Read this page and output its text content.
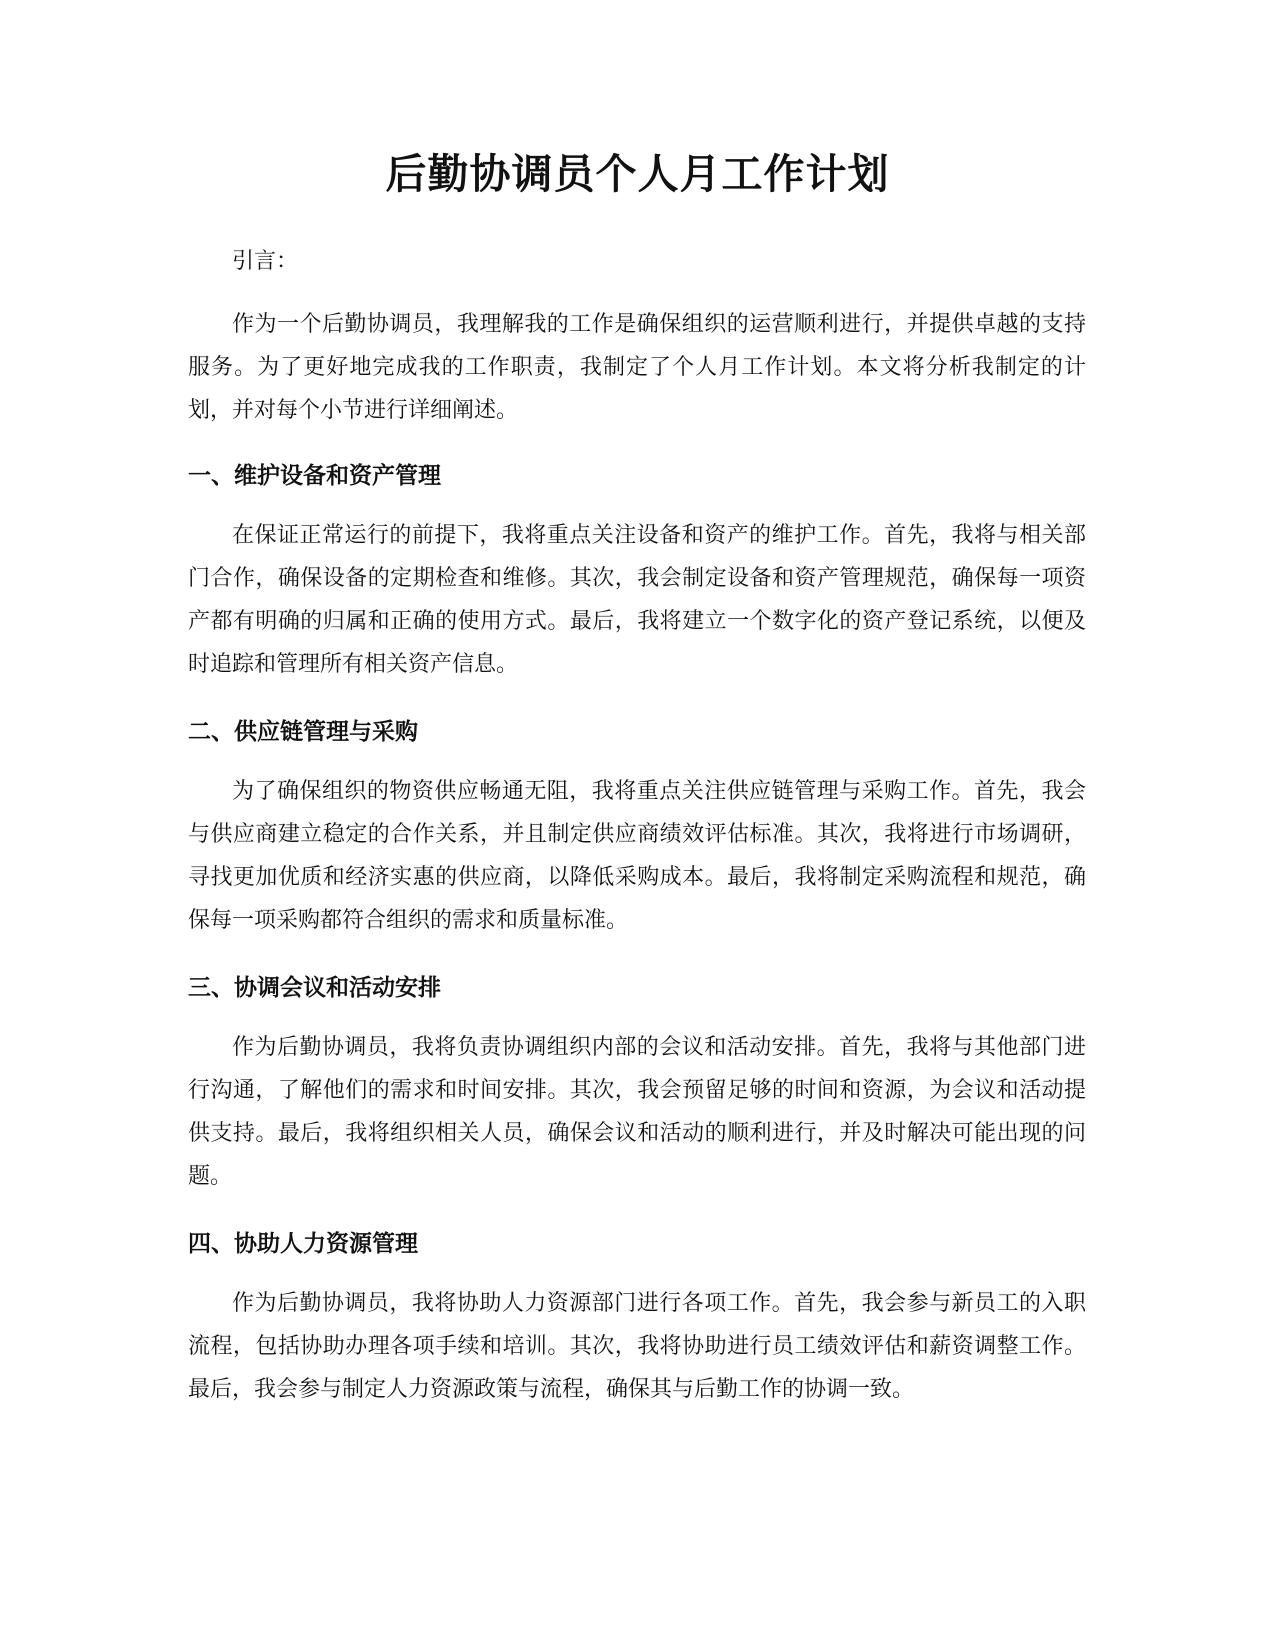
后勤协调员个人月工作计划

引言：

作为一个后勤协调员，我理解我的工作是确保组织的运营顺利进行，并提供卓越的支持服务。为了更好地完成我的工作职责，我制定了个人月工作计划。本文将分析我制定的计划，并对每个小节进行详细阐述。

一、维护设备和资产管理

在保证正常运行的前提下，我将重点关注设备和资产的维护工作。首先，我将与相关部门合作，确保设备的定期检查和维修。其次，我会制定设备和资产管理规范，确保每一项资产都有明确的归属和正确的使用方式。最后，我将建立一个数字化的资产登记系统，以便及时追踪和管理所有相关资产信息。

二、供应链管理与采购

为了确保组织的物资供应畅通无阻，我将重点关注供应链管理与采购工作。首先，我会与供应商建立稳定的合作关系，并且制定供应商绩效评估标准。其次，我将进行市场调研，寻找更加优质和经济实惠的供应商，以降低采购成本。最后，我将制定采购流程和规范，确保每一项采购都符合组织的需求和质量标准。

三、协调会议和活动安排

作为后勤协调员，我将负责协调组织内部的会议和活动安排。首先，我将与其他部门进行沟通，了解他们的需求和时间安排。其次，我会预留足够的时间和资源，为会议和活动提供支持。最后，我将组织相关人员，确保会议和活动的顺利进行，并及时解决可能出现的问题。

四、协助人力资源管理

作为后勤协调员，我将协助人力资源部门进行各项工作。首先，我会参与新员工的入职流程，包括协助办理各项手续和培训。其次，我将协助进行员工绩效评估和薪资调整工作。最后，我会参与制定人力资源政策与流程，确保其与后勤工作的协调一致。
